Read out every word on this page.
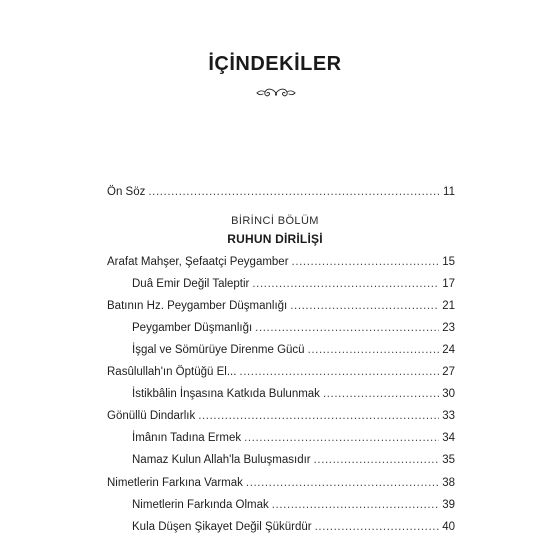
İÇİNDEKİLER
Ön Söz .....	11
BİRİNCİ BÖLÜM
RUHUN DİRİLİŞİ
Arafat Mahşer, Şefaatçi Peygamber .....	15
Duâ Emir Değil Taleptir .....	17
Batının Hz. Peygamber Düşmanlığı .....	21
Peygamber Düşmanlığı .....	23
İşgal ve Sömürüye Direnme Gücü .....	24
Rasûlullah'ın Öptüğü El... .....	27
İstikbâlin İnşasına Katkıda Bulunmak .....	30
Gönüllü Dindarlık .....	33
İmânın Tadına Ermek .....	34
Namaz Kulun Allah'la Buluşmasıdır .....	35
Nimetlerin Farkına Varmak .....	38
Nimetlerin Farkında Olmak .....	39
Kula Düşen Şikayet Değil Şükürdür .....	40
